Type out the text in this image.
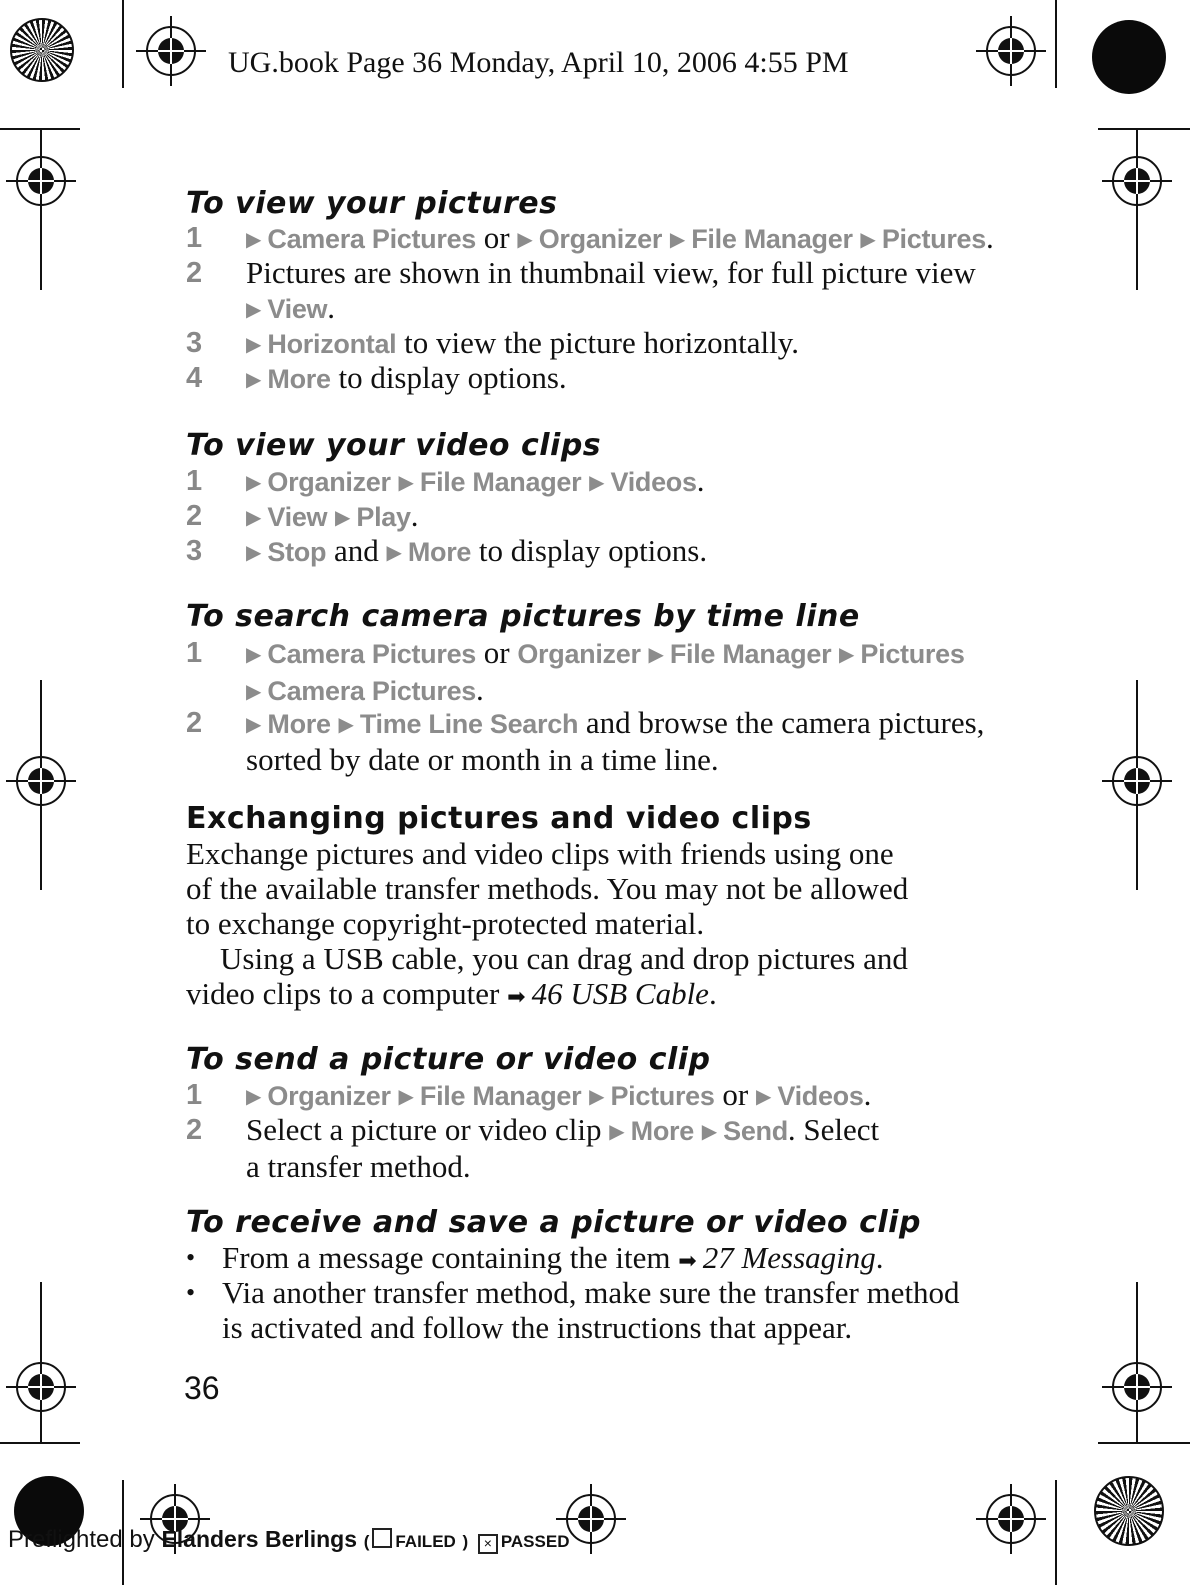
UG.book Page 36 Monday, April 10, 2006 4:55 PM
To view your pictures
1	▶ Camera Pictures or ▶ Organizer ▶ File Manager ▶ Pictures.
2	Pictures are shown in thumbnail view, for full picture view
▶ View.
3	▶ Horizontal to view the picture horizontally.
4	▶ More to display options.
To view your video clips
1	▶ Organizer ▶ File Manager ▶ Videos.
2	▶ View ▶ Play.
3	▶ Stop and ▶ More to display options.
To search camera pictures by time line
1	▶ Camera Pictures or Organizer ▶ File Manager ▶ Pictures
▶ Camera Pictures.
2	▶ More ▶ Time Line Search and browse the camera pictures,
sorted by date or month in a time line.
Exchanging pictures and video clips
Exchange pictures and video clips with friends using one
of the available transfer methods. You may not be allowed
to exchange copyright-protected material.
Using a USB cable, you can drag and drop pictures and
video clips to a computer ➡ 46 USB Cable.
To send a picture or video clip
1	▶ Organizer ▶ File Manager ▶ Pictures or ▶ Videos.
2	Select a picture or video clip ▶ More ▶ Send. Select
a transfer method.
To receive and save a picture or video clip
• From a message containing the item ➡ 27 Messaging.
• Via another transfer method, make sure the transfer method
is activated and follow the instructions that appear.
36
Preflighted by Elanders Berlings ( FAILED ) × PASSED
